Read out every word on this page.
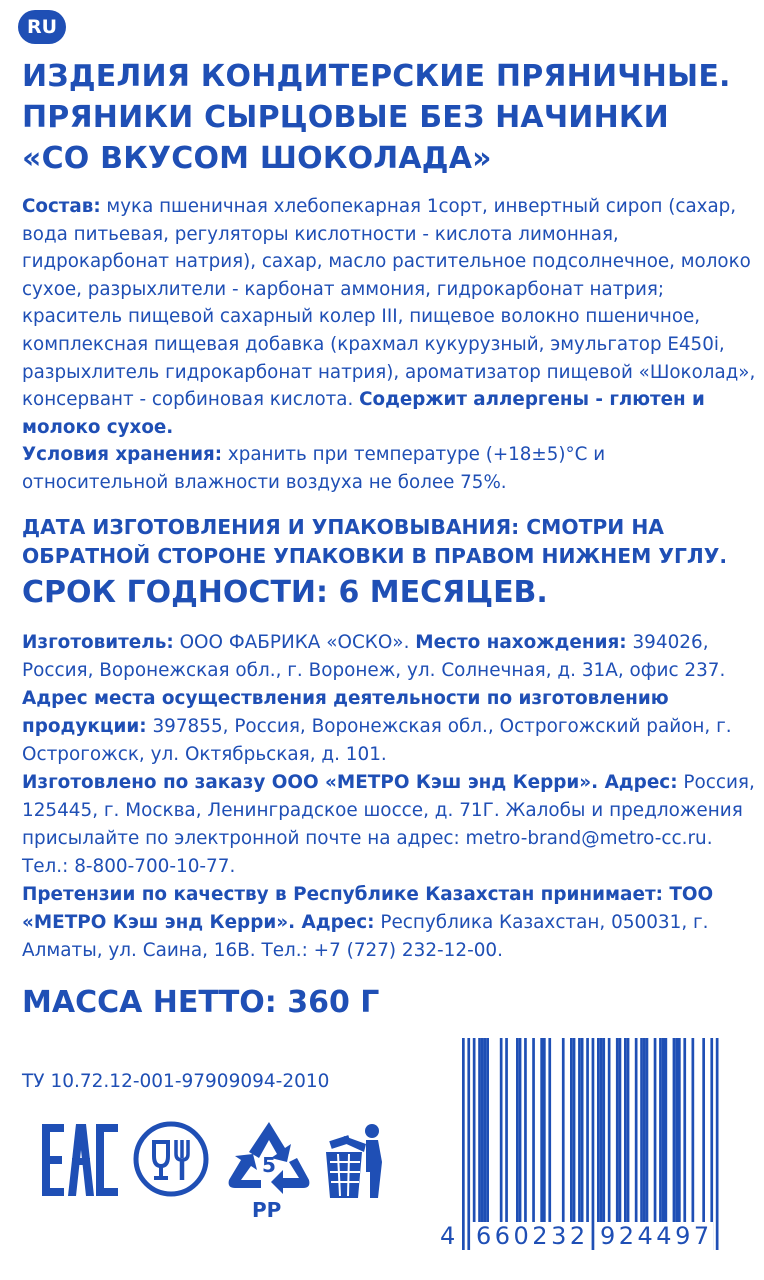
RU
ИЗДЕЛИЯ КОНДИТЕРСКИЕ ПРЯНИЧНЫЕ.
ПРЯНИКИ СЫРЦОВЫЕ БЕЗ НАЧИНКИ
«СО ВКУСОМ ШОКОЛАДА»
Состав: мука пшеничная хлебопекарная 1сорт, инвертный сироп (сахар, вода питьевая, регуляторы кислотности - кислота лимонная, гидрокарбонат натрия), сахар, масло растительное подсолнечное, молоко сухое, разрыхлители - карбонат аммония, гидрокарбонат натрия; краситель пищевой сахарный колер III, пищевое волокно пшеничное, комплексная пищевая добавка (крахмал кукурузный, эмульгатор Е450i, разрыхлитель гидрокарбонат натрия), ароматизатор пищевой «Шоколад», консервант - сорбиновая кислота. Содержит аллергены - глютен и молоко сухое.
Условия хранения: хранить при температуре (+18±5)°С и относительной влажности воздуха не более 75%.
ДАТА ИЗГОТОВЛЕНИЯ И УПАКОВЫВАНИЯ: СМОТРИ НА ОБРАТНОЙ СТОРОНЕ УПАКОВКИ В ПРАВОМ НИЖНЕМ УГЛУ.
СРОК ГОДНОСТИ: 6 МЕСЯЦЕВ.
Изготовитель: ООО ФАБРИКА «ОСКО». Место нахождения: 394026, Россия, Воронежская обл., г. Воронеж, ул. Солнечная, д. 31А, офис 237.
Адрес места осуществления деятельности по изготовлению продукции: 397855, Россия, Воронежская обл., Острогожский район, г. Острогожск, ул. Октябрьская, д. 101.
Изготовлено по заказу ООО «МЕТРО Кэш энд Керри». Адрес: Россия, 125445, г. Москва, Ленинградское шоссе, д. 71Г. Жалобы и предложения присылайте по электронной почте на адрес: metro-brand@metro-cc.ru. Тел.: 8-800-700-10-77.
Претензии по качеству в Республике Казахстан принимает: ТОО «МЕТРО Кэш энд Керри». Адрес: Республика Казахстан, 050031, г. Алматы, ул. Саина, 16В. Тел.: +7 (727) 232-12-00.
МАССА НЕТТО: 360 Г
ТУ 10.72.12-001-97909094-2010
5
PP
4 660232 924497
